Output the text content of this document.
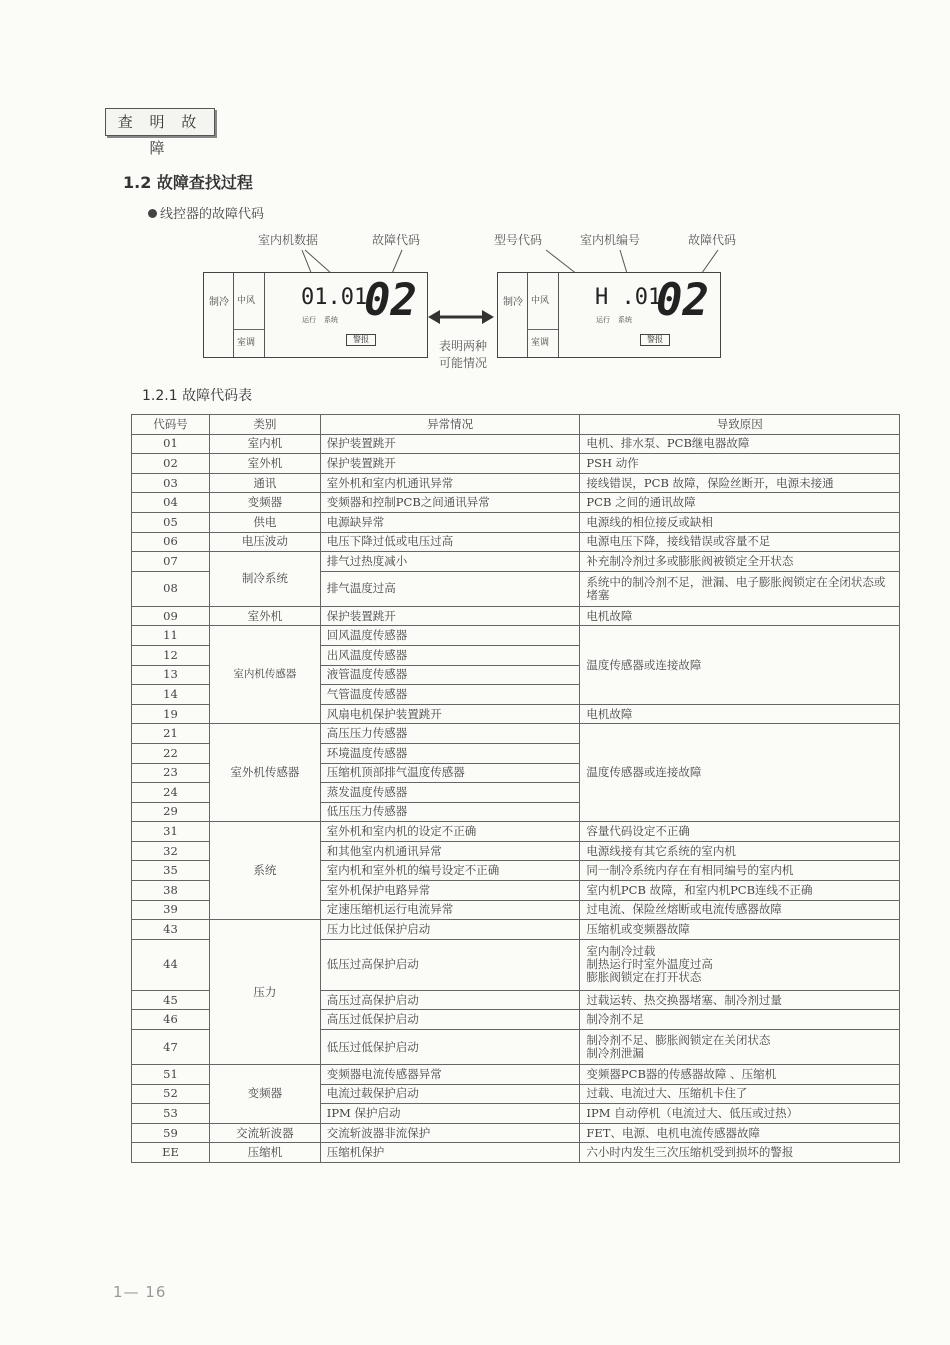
查 明 故 障
1.2 故障查找过程
线控器的故障代码
室内机数据	故障代码	型号代码	室内机编号	故障代码
制冷 中风
室调
01.01
02
运行 系统
警报
制冷 中风
室调
H .01
02
运行 系统
警报
表明两种
可能情况
1.2.1 故障代码表
代码号	类别	异常情况	导致原因
01	室内机	保护装置跳开	电机、排水泵、PCB继电器故障
02	室外机	保护装置跳开	PSH 动作
03	通讯	室外机和室内机通讯异常	接线错误，PCB 故障，保险丝断开，电源未接通
04	变频器	变频器和控制PCB之间通讯异常	PCB 之间的通讯故障
05	供电	电源缺异常	电源线的相位接反或缺相
06	电压波动	电压下降过低或电压过高	电源电压下降，接线错误或容量不足
07	制冷系统	排气过热度减小	补充制冷剂过多或膨胀阀被锁定全开状态
08		排气温度过高	系统中的制冷剂不足，泄漏、电子膨胀阀锁定在全闭状态或堵塞
09	室外机	保护装置跳开	电机故障
11	室内机传感器	回风温度传感器	温度传感器或连接故障
12		出风温度传感器	
13		液管温度传感器	
14		气管温度传感器	
19		风扇电机保护装置跳开	电机故障
21	室外机传感器	高压压力传感器	温度传感器或连接故障
22		环境温度传感器	
23		压缩机顶部排气温度传感器	
24		蒸发温度传感器	
29		低压压力传感器	
31	系统	室外机和室内机的设定不正确	容量代码设定不正确
32		和其他室内机通讯异常	电源线接有其它系统的室内机
35		室内机和室外机的编号设定不正确	同一制冷系统内存在有相同编号的室内机
38		室外机保护电路异常	室内机PCB 故障，和室内机PCB连线不正确
39		定速压缩机运行电流异常	过电流、保险丝熔断或电流传感器故障
43	压力	压力比过低保护启动	压缩机或变频器故障
44		低压过高保护启动	室内制冷过载
制热运行时室外温度过高
膨胀阀锁定在打开状态

45		高压过高保护启动	过载运转、热交换器堵塞、制冷剂过量
46		高压过低保护启动	制冷剂不足
47		低压过低保护启动	制冷剂不足、膨胀阀锁定在关闭状态
制冷剂泄漏

51	变频器	变频器电流传感器异常	变频器PCB器的传感器故障 、压缩机
52		电流过载保护启动	过载、电流过大、压缩机卡住了
53		IPM 保护启动	IPM 自动停机（电流过大、低压或过热）
59	交流斩波器	交流斩波器非流保护	FET、电源、电机电流传感器故障
EE	压缩机	压缩机保护	六小时内发生三次压缩机受到损坏的警报
1— 16
